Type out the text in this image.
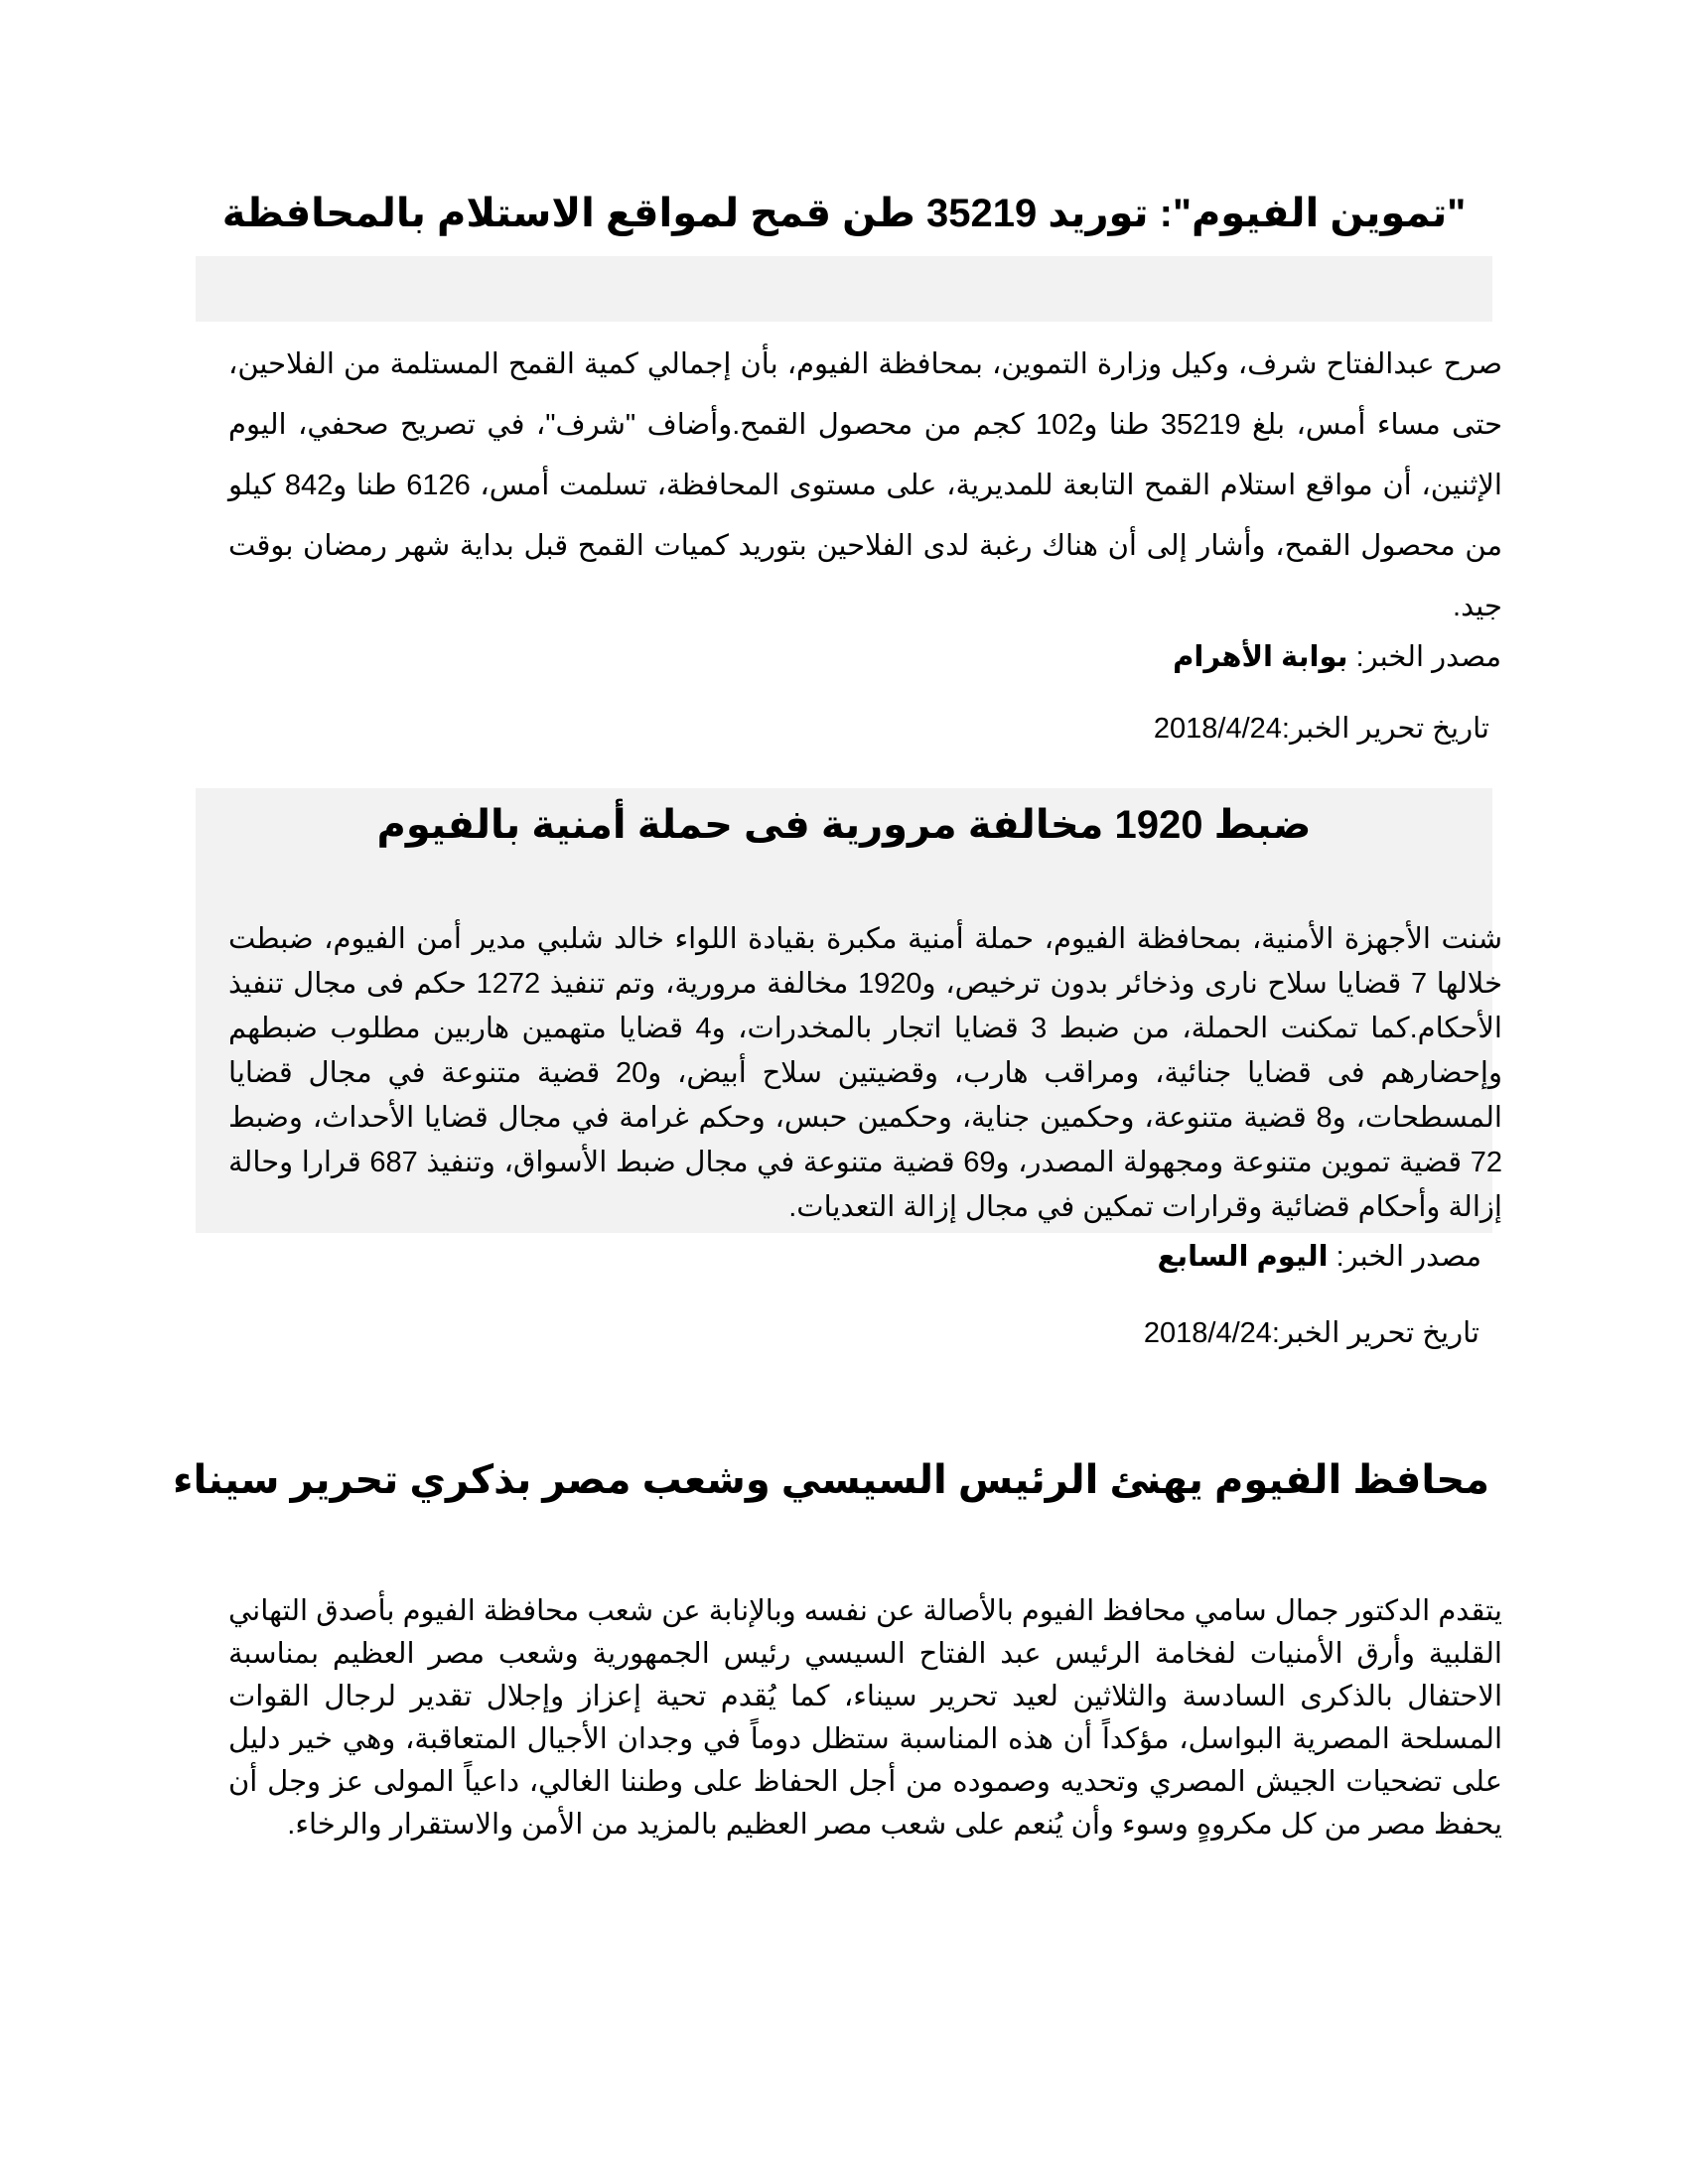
"تموين الفيوم": توريد 35219 طن قمح لمواقع الاستلام بالمحافظة
صرح عبدالفتاح شرف، وكيل وزارة التموين، بمحافظة الفيوم، بأن إجمالي كمية القمح المستلمة من الفلاحين، حتى مساء أمس، بلغ 35219 طنا و102 كجم من محصول القمح.وأضاف "شرف"، في تصريح صحفي، اليوم الإثنين، أن مواقع استلام القمح التابعة للمديرية، على مستوى المحافظة، تسلمت أمس، 6126 طنا و842 كيلو من محصول القمح، وأشار إلى أن هناك رغبة لدى الفلاحين بتوريد كميات القمح قبل بداية شهر رمضان بوقت جيد.
مصدر الخبر: بوابة الأهرام
تاريخ تحرير الخبر:2018/4/24
ضبط 1920 مخالفة مرورية فى حملة أمنية بالفيوم
شنت الأجهزة الأمنية، بمحافظة الفيوم، حملة أمنية مكبرة بقيادة اللواء خالد شلبي مدير أمن الفيوم، ضبطت خلالها 7 قضايا سلاح نارى وذخائر بدون ترخيص، و1920 مخالفة مرورية، وتم تنفيذ 1272 حكم فى مجال تنفيذ الأحكام.كما تمكنت الحملة، من ضبط 3 قضايا اتجار بالمخدرات، و4 قضايا متهمين هاربين مطلوب ضبطهم وإحضارهم فى قضايا جنائية، ومراقب هارب، وقضيتين سلاح أبيض، و20 قضية متنوعة في مجال قضايا المسطحات، و8 قضية متنوعة، وحكمين جناية، وحكمين حبس، وحكم غرامة في مجال قضايا الأحداث، وضبط 72 قضية تموين متنوعة ومجهولة المصدر، و69 قضية متنوعة في مجال ضبط الأسواق، وتنفيذ 687 قرارا وحالة إزالة وأحكام قضائية وقرارات تمكين في مجال إزالة التعديات.
مصدر الخبر: اليوم السابع
تاريخ تحرير الخبر:2018/4/24
محافظ الفيوم يهنئ الرئيس السيسي وشعب مصر بذكري تحرير سيناء
يتقدم الدكتور جمال سامي محافظ الفيوم بالأصالة عن نفسه وبالإنابة عن شعب محافظة الفيوم بأصدق التهاني القلبية وأرق الأمنيات لفخامة الرئيس عبد الفتاح السيسي رئيس الجمهورية وشعب مصر العظيم بمناسبة الاحتفال بالذكرى السادسة والثلاثين لعيد تحرير سيناء، كما يُقدم تحية إعزاز وإجلال تقدير لرجال القوات المسلحة المصرية البواسل، مؤكداً أن هذه المناسبة ستظل دوماً في وجدان الأجيال المتعاقبة، وهي خير دليل على تضحيات الجيش المصري وتحديه وصموده من أجل الحفاظ على وطننا الغالي، داعياً المولى عز وجل أن يحفظ مصر من كل مكروهٍ وسوء وأن يُنعم على شعب مصر العظيم بالمزيد من الأمن والاستقرار والرخاء.
